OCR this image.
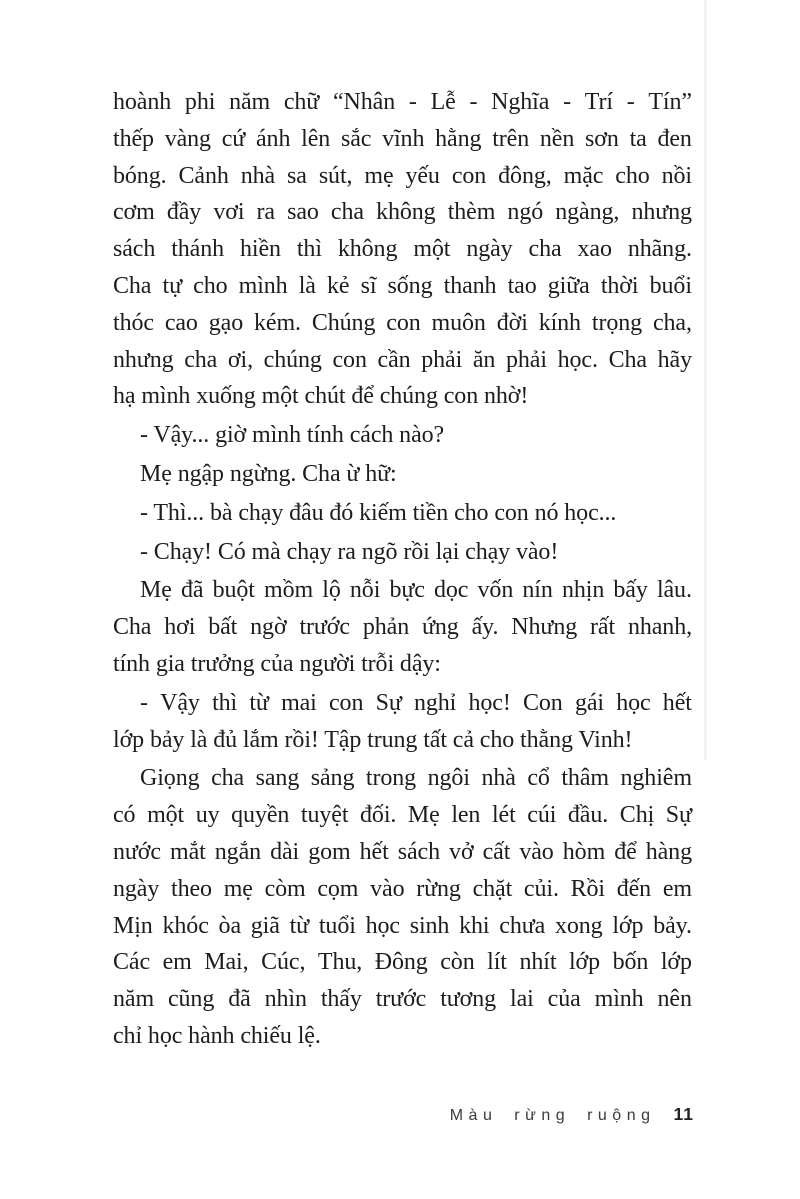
hoành phi năm chữ “Nhân - Lễ - Nghĩa - Trí - Tín”
thếp vàng cứ ánh lên sắc vĩnh hằng trên nền sơn ta đen
bóng. Cảnh nhà sa sút, mẹ yếu con đông, mặc cho nồi
cơm đầy vơi ra sao cha không thèm ngó ngàng, nhưng
sách thánh hiền thì không một ngày cha xao nhãng.
Cha tự cho mình là kẻ sĩ sống thanh tao giữa thời buổi
thóc cao gạo kém. Chúng con muôn đời kính trọng cha,
nhưng cha ơi, chúng con cần phải ăn phải học. Cha hãy
hạ mình xuống một chút để chúng con nhờ!
- Vậy... giờ mình tính cách nào?
Mẹ ngập ngừng. Cha ừ hữ:
- Thì... bà chạy đâu đó kiếm tiền cho con nó học...
- Chạy! Có mà chạy ra ngõ rồi lại chạy vào!
Mẹ đã buột mồm lộ nỗi bực dọc vốn nín nhịn bấy lâu.
Cha hơi bất ngờ trước phản ứng ấy. Nhưng rất nhanh,
tính gia trưởng của người trỗi dậy:
- Vậy thì từ mai con Sự nghỉ học! Con gái học hết
lớp bảy là đủ lắm rồi! Tập trung tất cả cho thằng Vinh!
Giọng cha sang sảng trong ngôi nhà cổ thâm nghiêm
có một uy quyền tuyệt đối. Mẹ len lét cúi đầu. Chị Sự
nước mắt ngắn dài gom hết sách vở cất vào hòm để hàng
ngày theo mẹ còm cọm vào rừng chặt củi. Rồi đến em
Mịn khóc òa giã từ tuổi học sinh khi chưa xong lớp bảy.
Các em Mai, Cúc, Thu, Đông còn lít nhít lớp bốn lớp
năm cũng đã nhìn thấy trước tương lai của mình nên
chỉ học hành chiếu lệ.
Màu rừng ruộng 11
